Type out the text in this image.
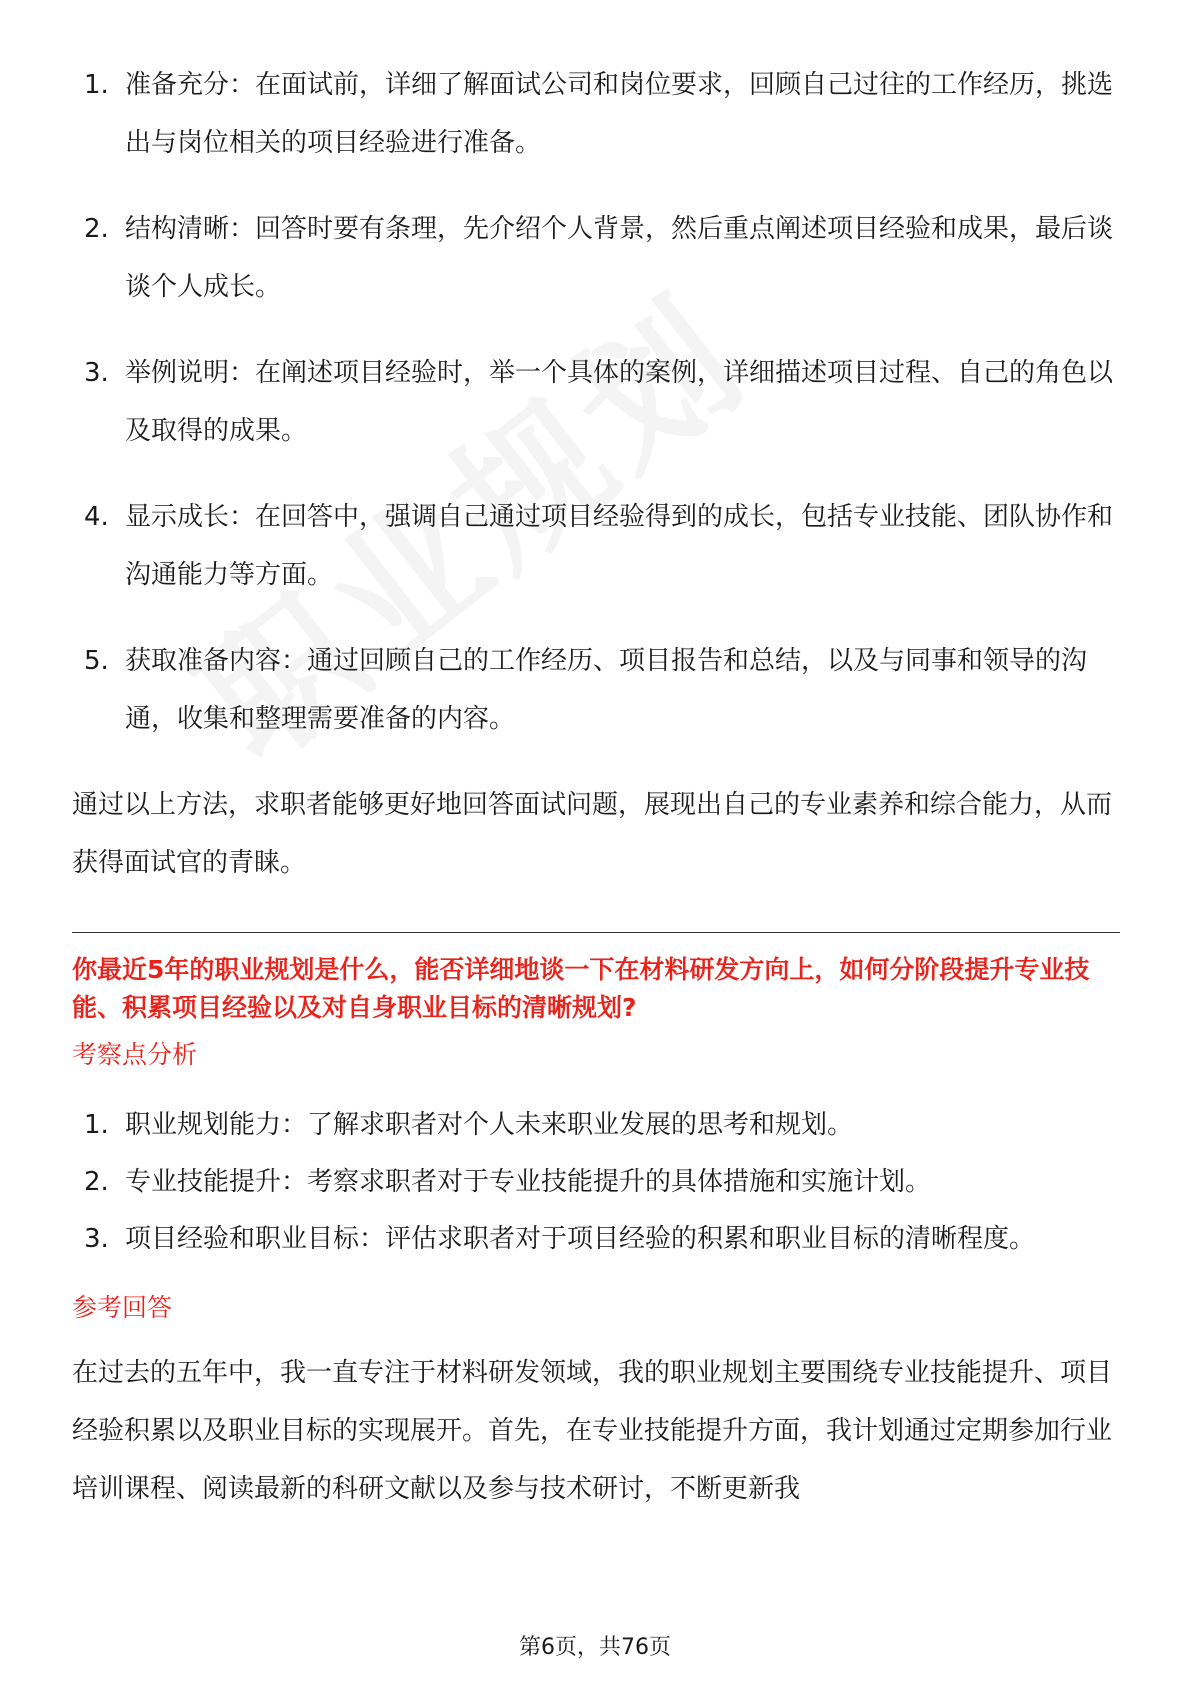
1. 准备充分：在面试前，详细了解面试公司和岗位要求，回顾自己过往的工作经历，挑选出与岗位相关的项目经验进行准备。
2. 结构清晰：回答时要有条理，先介绍个人背景，然后重点阐述项目经验和成果，最后谈谈个人成长。
3. 举例说明：在阐述项目经验时，举一个具体的案例，详细描述项目过程、自己的角色以及取得的成果。
4. 显示成长：在回答中，强调自己通过项目经验得到的成长，包括专业技能、团队协作和沟通能力等方面。
5. 获取准备内容：通过回顾自己的工作经历、项目报告和总结，以及与同事和领导的沟通，收集和整理需要准备的内容。

通过以上方法，求职者能够更好地回答面试问题，展现出自己的专业素养和综合能力，从而获得面试官的青睐。

你最近5年的职业规划是什么，能否详细地谈一下在材料研发方向上，如何分阶段提升专业技能、积累项目经验以及对自身职业目标的清晰规划?

考察点分析

1. 职业规划能力：了解求职者对个人未来职业发展的思考和规划。
2. 专业技能提升：考察求职者对于专业技能提升的具体措施和实施计划。
3. 项目经验和职业目标：评估求职者对于项目经验的积累和职业目标的清晰程度。

参考回答

在过去的五年中，我一直专注于材料研发领域，我的职业规划主要围绕专业技能提升、项目经验积累以及职业目标的实现展开。首先，在专业技能提升方面，我计划通过定期参加行业培训课程、阅读最新的科研文献以及参与技术研讨，不断更新我

第6页，共76页
